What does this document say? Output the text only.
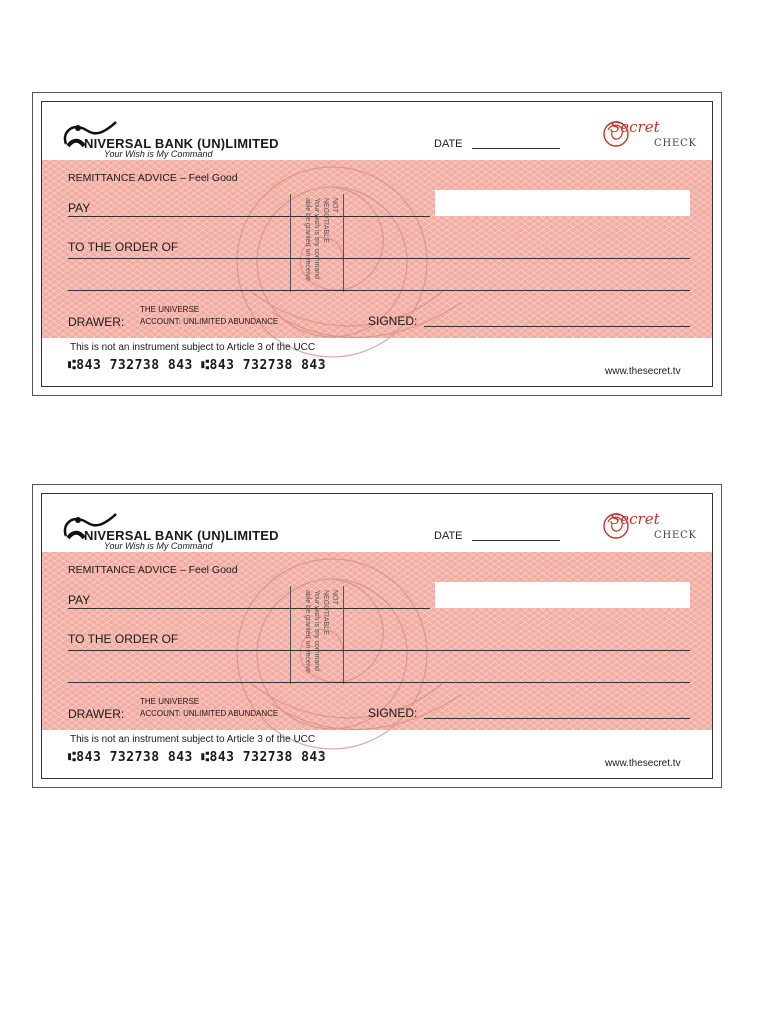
NIVERSAL BANK (UN)LIMITED
Your Wish is My Command
DATE
Secret
CHECK
REMITTANCE ADVICE – Feel Good
PAY	NOT
NEGOTIABLE
Your wish is my command
able be granted on receive
TO THE ORDER OF
DRAWER:
THE UNIVERSE
ACCOUNT: UNLIMITED ABUNDANCE	SIGNED:
This is not an instrument subject to Article 3 of the UCC
⑆843 732738 843 ⑆843 732738 843	www.thesecret.tv
NIVERSAL BANK (UN)LIMITED
Your Wish is My Command
DATE
Secret
CHECK
REMITTANCE ADVICE – Feel Good
PAY	NOT
NEGOTIABLE
Your wish is my command
able be granted on receive
TO THE ORDER OF
DRAWER:
THE UNIVERSE
ACCOUNT: UNLIMITED ABUNDANCE	SIGNED:
This is not an instrument subject to Article 3 of the UCC
⑆843 732738 843 ⑆843 732738 843	www.thesecret.tv
